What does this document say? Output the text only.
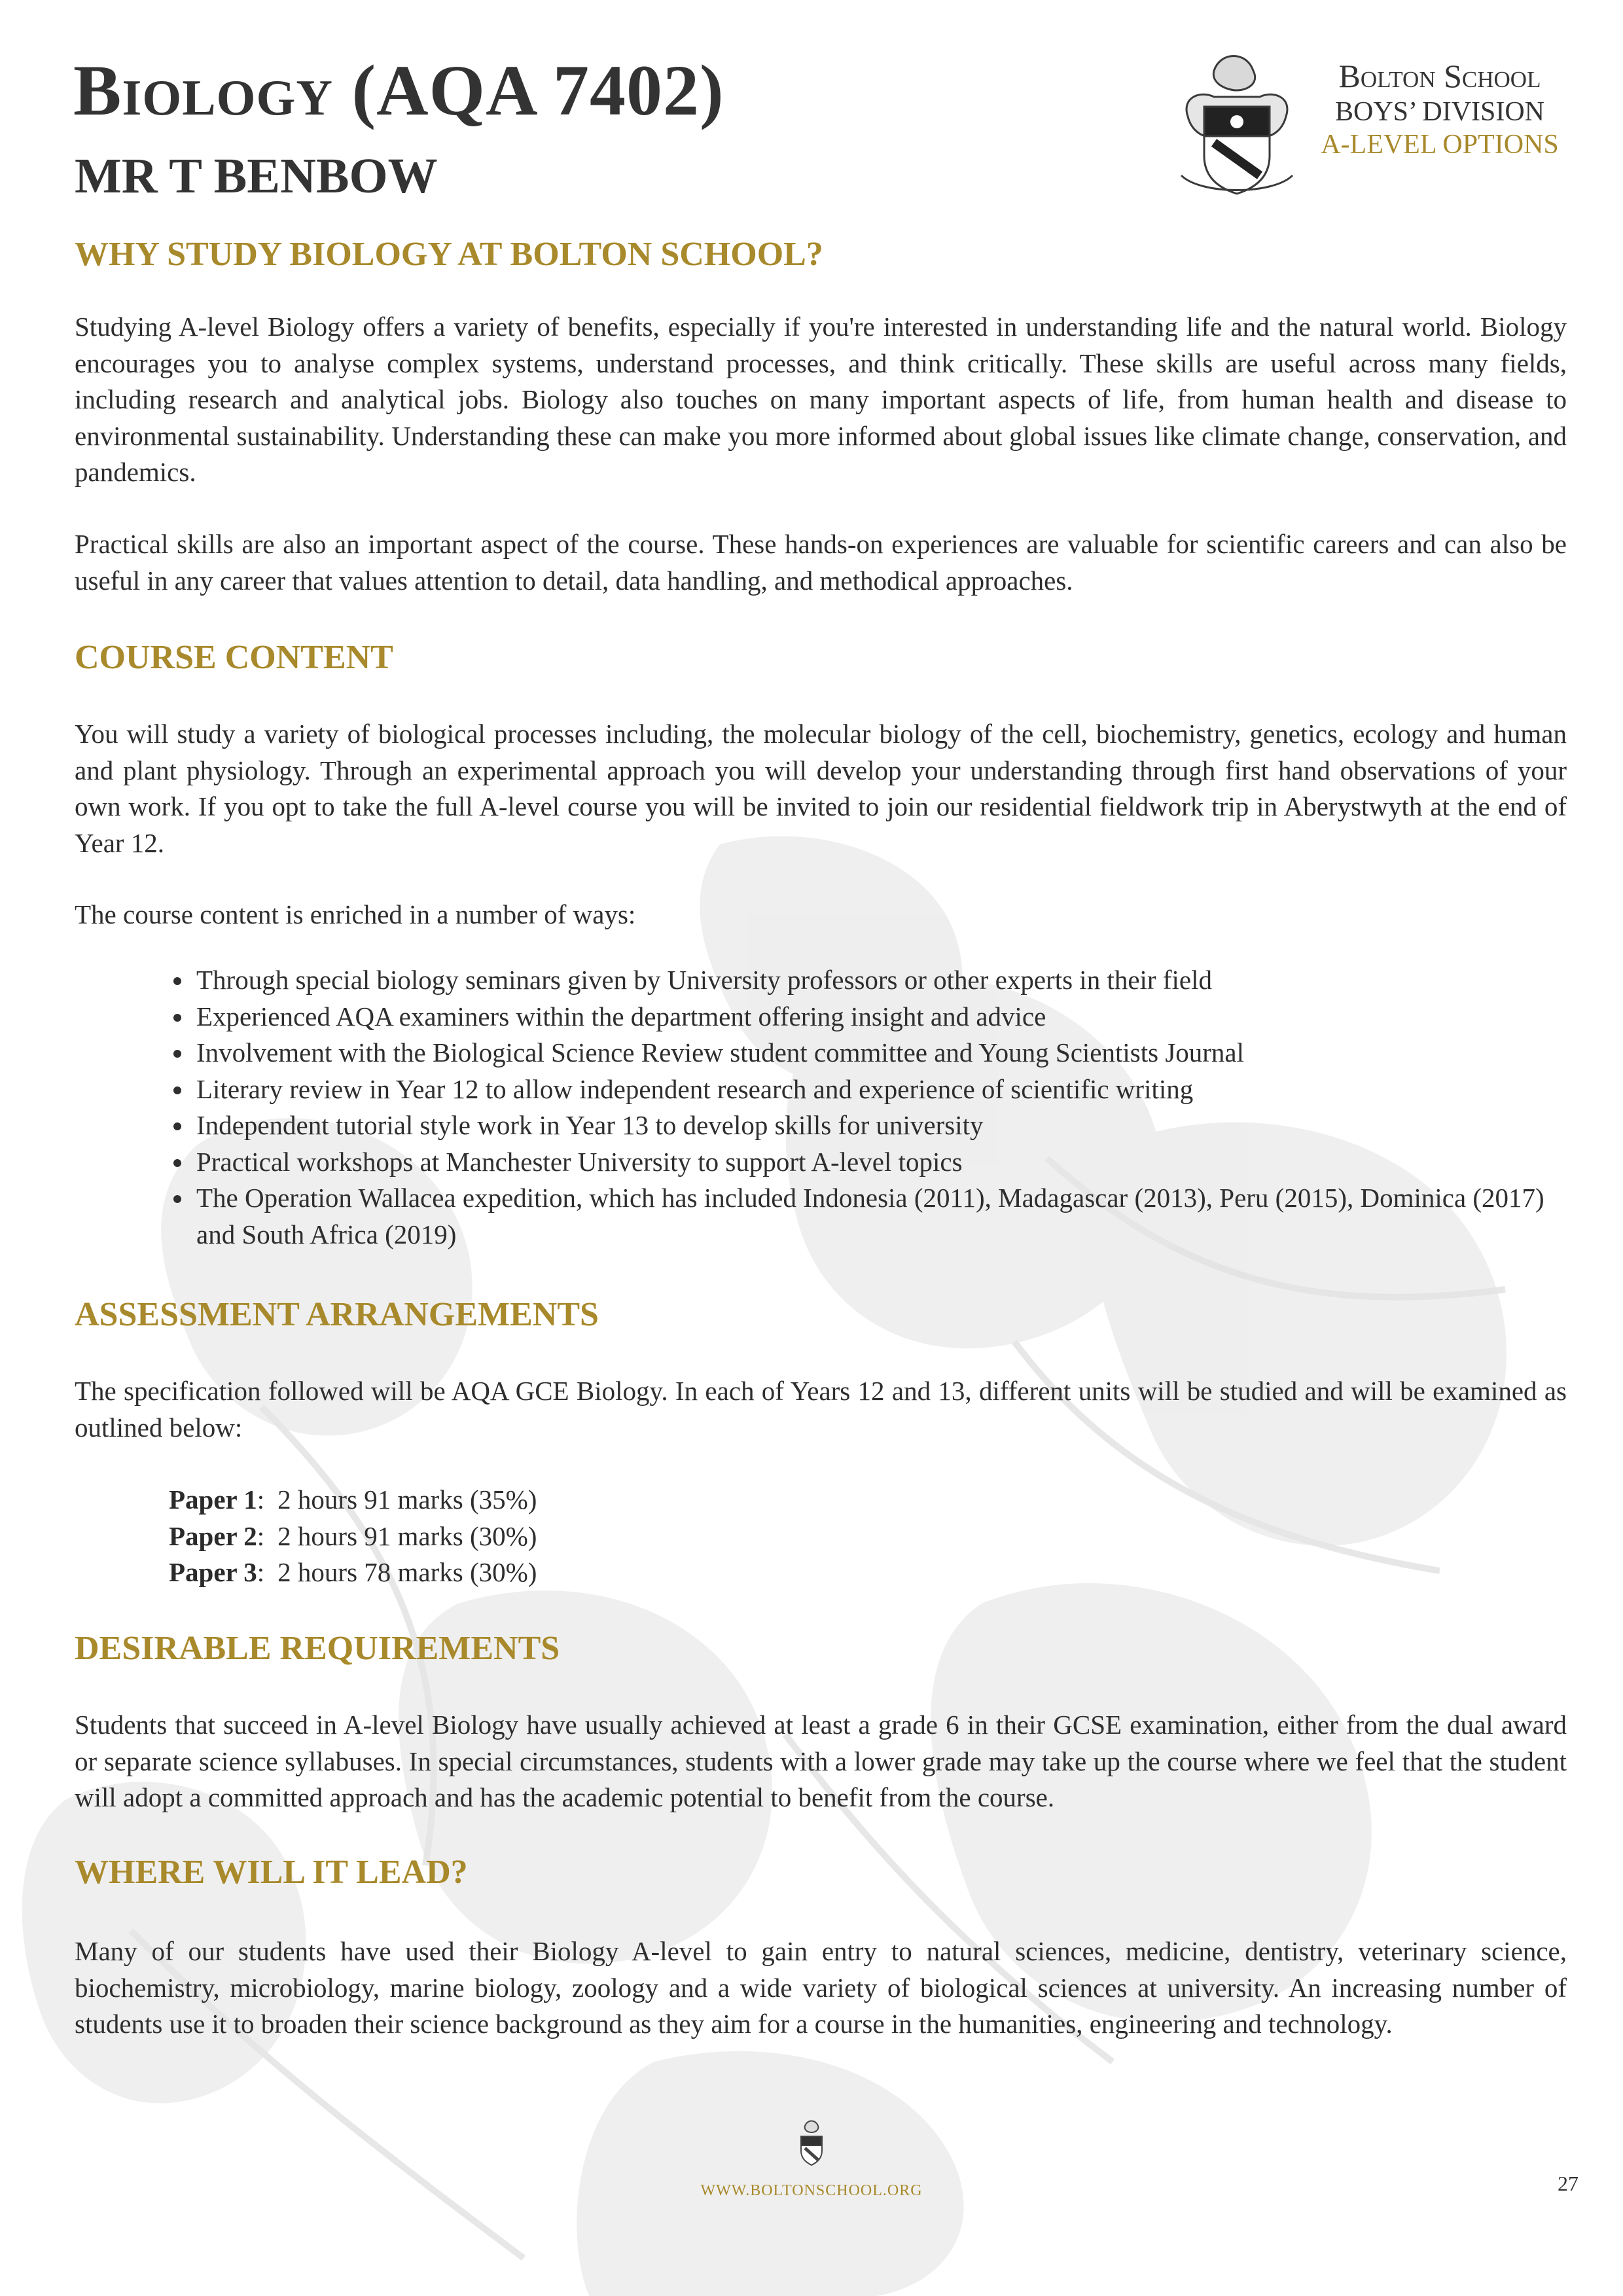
Biology (AQA 7402)
MR T BENBOW
Bolton School
BOYS’ DIVISION
A-LEVEL OPTIONS
WHY STUDY BIOLOGY AT BOLTON SCHOOL?

Studying A-level Biology offers a variety of benefits, especially if you're interested in understanding life and the natural world. Biology encourages you to analyse complex systems, understand processes, and think critically. These skills are useful across many fields, including research and analytical jobs. Biology also touches on many important aspects of life, from human health and disease to environmental sustainability. Understanding these can make you more informed about global issues like climate change, conservation, and pandemics.

Practical skills are also an important aspect of the course. These hands-on experiences are valuable for scientific careers and can also be useful in any career that values attention to detail, data handling, and methodical approaches.

COURSE CONTENT

You will study a variety of biological processes including, the molecular biology of the cell, biochemistry, genetics, ecology and human and plant physiology. Through an experimental approach you will develop your understanding through first hand observations of your own work. If you opt to take the full A-level course you will be invited to join our residential fieldwork trip in Aberystwyth at the end of Year 12.

The course content is enriched in a number of ways:

• Through special biology seminars given by University professors or other experts in their field
• Experienced AQA examiners within the department offering insight and advice
• Involvement with the Biological Science Review student committee and Young Scientists Journal
• Literary review in Year 12 to allow independent research and experience of scientific writing
• Independent tutorial style work in Year 13 to develop skills for university
• Practical workshops at Manchester University to support A-level topics
• The Operation Wallacea expedition, which has included Indonesia (2011), Madagascar (2013), Peru (2015), Dominica (2017) and South Africa (2019)
ASSESSMENT ARRANGEMENTS

The specification followed will be AQA GCE Biology. In each of Years 12 and 13, different units will be studied and will be examined as outlined below:

Paper 1: 2 hours 91 marks (35%)
Paper 2: 2 hours 91 marks (30%)
Paper 3: 2 hours 78 marks (30%)
DESIRABLE REQUIREMENTS

Students that succeed in A-level Biology have usually achieved at least a grade 6 in their GCSE examination, either from the dual award or separate science syllabuses. In special circumstances, students with a lower grade may take up the course where we feel that the student will adopt a committed approach and has the academic potential to benefit from the course.

WHERE WILL IT LEAD?

Many of our students have used their Biology A-level to gain entry to natural sciences, medicine, dentistry, veterinary science, biochemistry, microbiology, marine biology, zoology and a wide variety of biological sciences at university. An increasing number of students use it to broaden their science background as they aim for a course in the humanities, engineering and technology.

WWW.BOLTONSCHOOL.ORG	27
